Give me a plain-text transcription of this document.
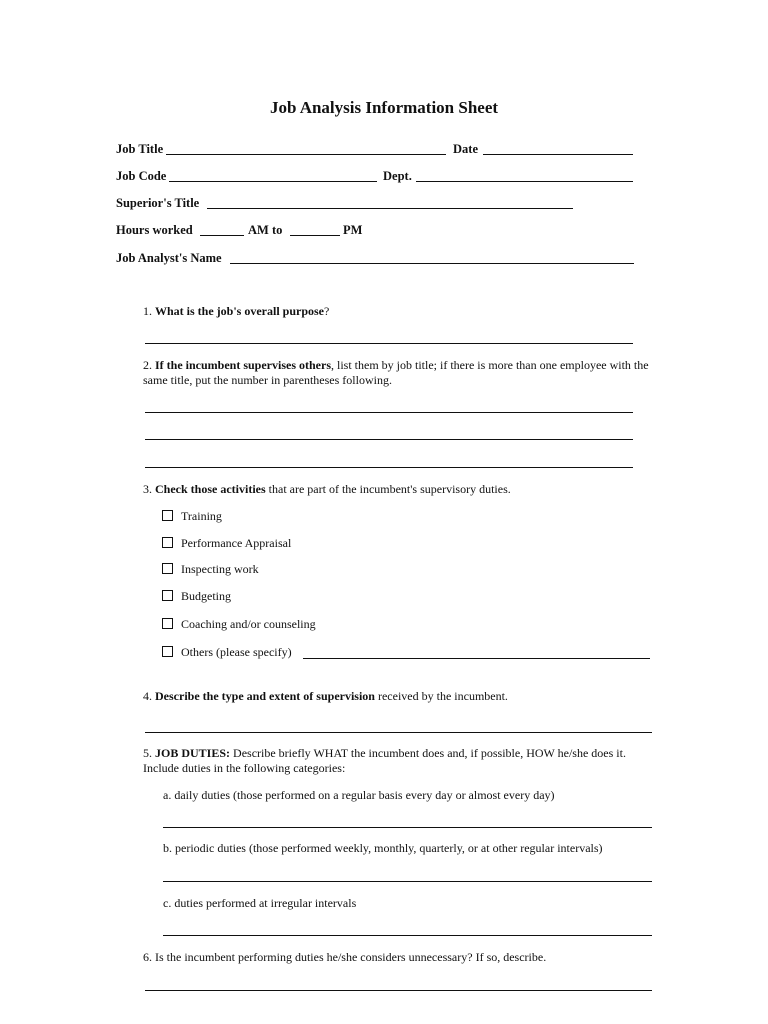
Job Analysis Information Sheet
Job Title	Date
Job Code	Dept.
Superior's Title
Hours worked	AM to	PM
Job Analyst's Name
1. What is the job's overall purpose?
2. If the incumbent supervises others, list them by job title; if there is more than one employee with the same title, put the number in parentheses following.
3. Check those activities that are part of the incumbent's supervisory duties.
Training
Performance Appraisal
Inspecting work
Budgeting
Coaching and/or counseling
Others (please specify)
4. Describe the type and extent of supervision received by the incumbent.
5. JOB DUTIES: Describe briefly WHAT the incumbent does and, if possible, HOW he/she does it. Include duties in the following categories:
a. daily duties (those performed on a regular basis every day or almost every day)
b. periodic duties (those performed weekly, monthly, quarterly, or at other regular intervals)
c. duties performed at irregular intervals
6. Is the incumbent performing duties he/she considers unnecessary? If so, describe.
